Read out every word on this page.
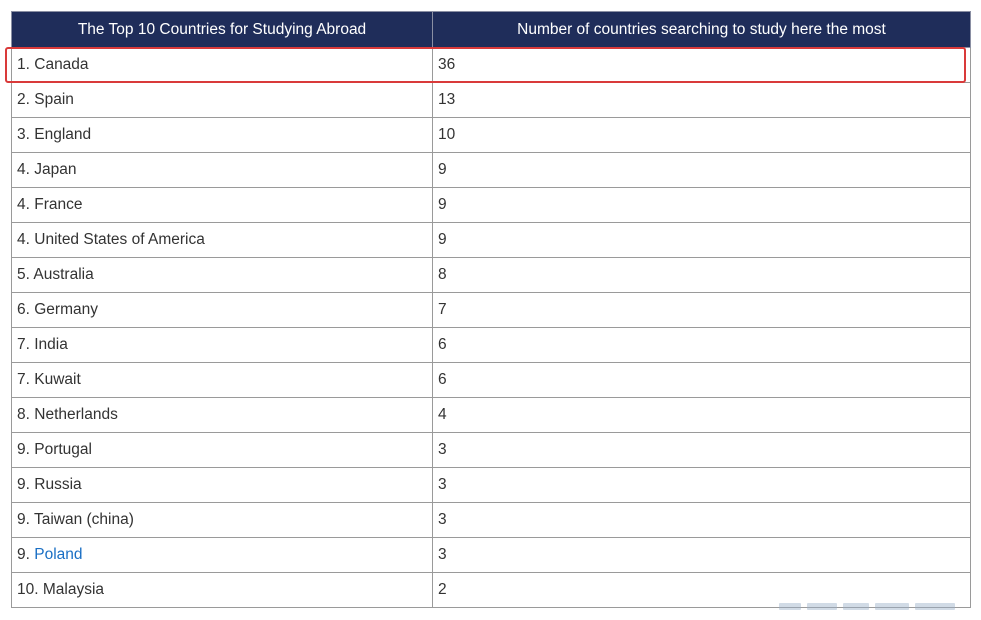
The Top 10 Countries for Studying Abroad	Number of countries searching to study here the most
1. Canada	36
2. Spain	13
3. England	10
4. Japan	9
4. France	9
4. United States of America	9
5. Australia	8
6. Germany	7
7. India	6
7. Kuwait	6
8. Netherlands	4
9. Portugal	3
9. Russia	3
9. Taiwan (china)	3
9. Poland	3
10. Malaysia	2
